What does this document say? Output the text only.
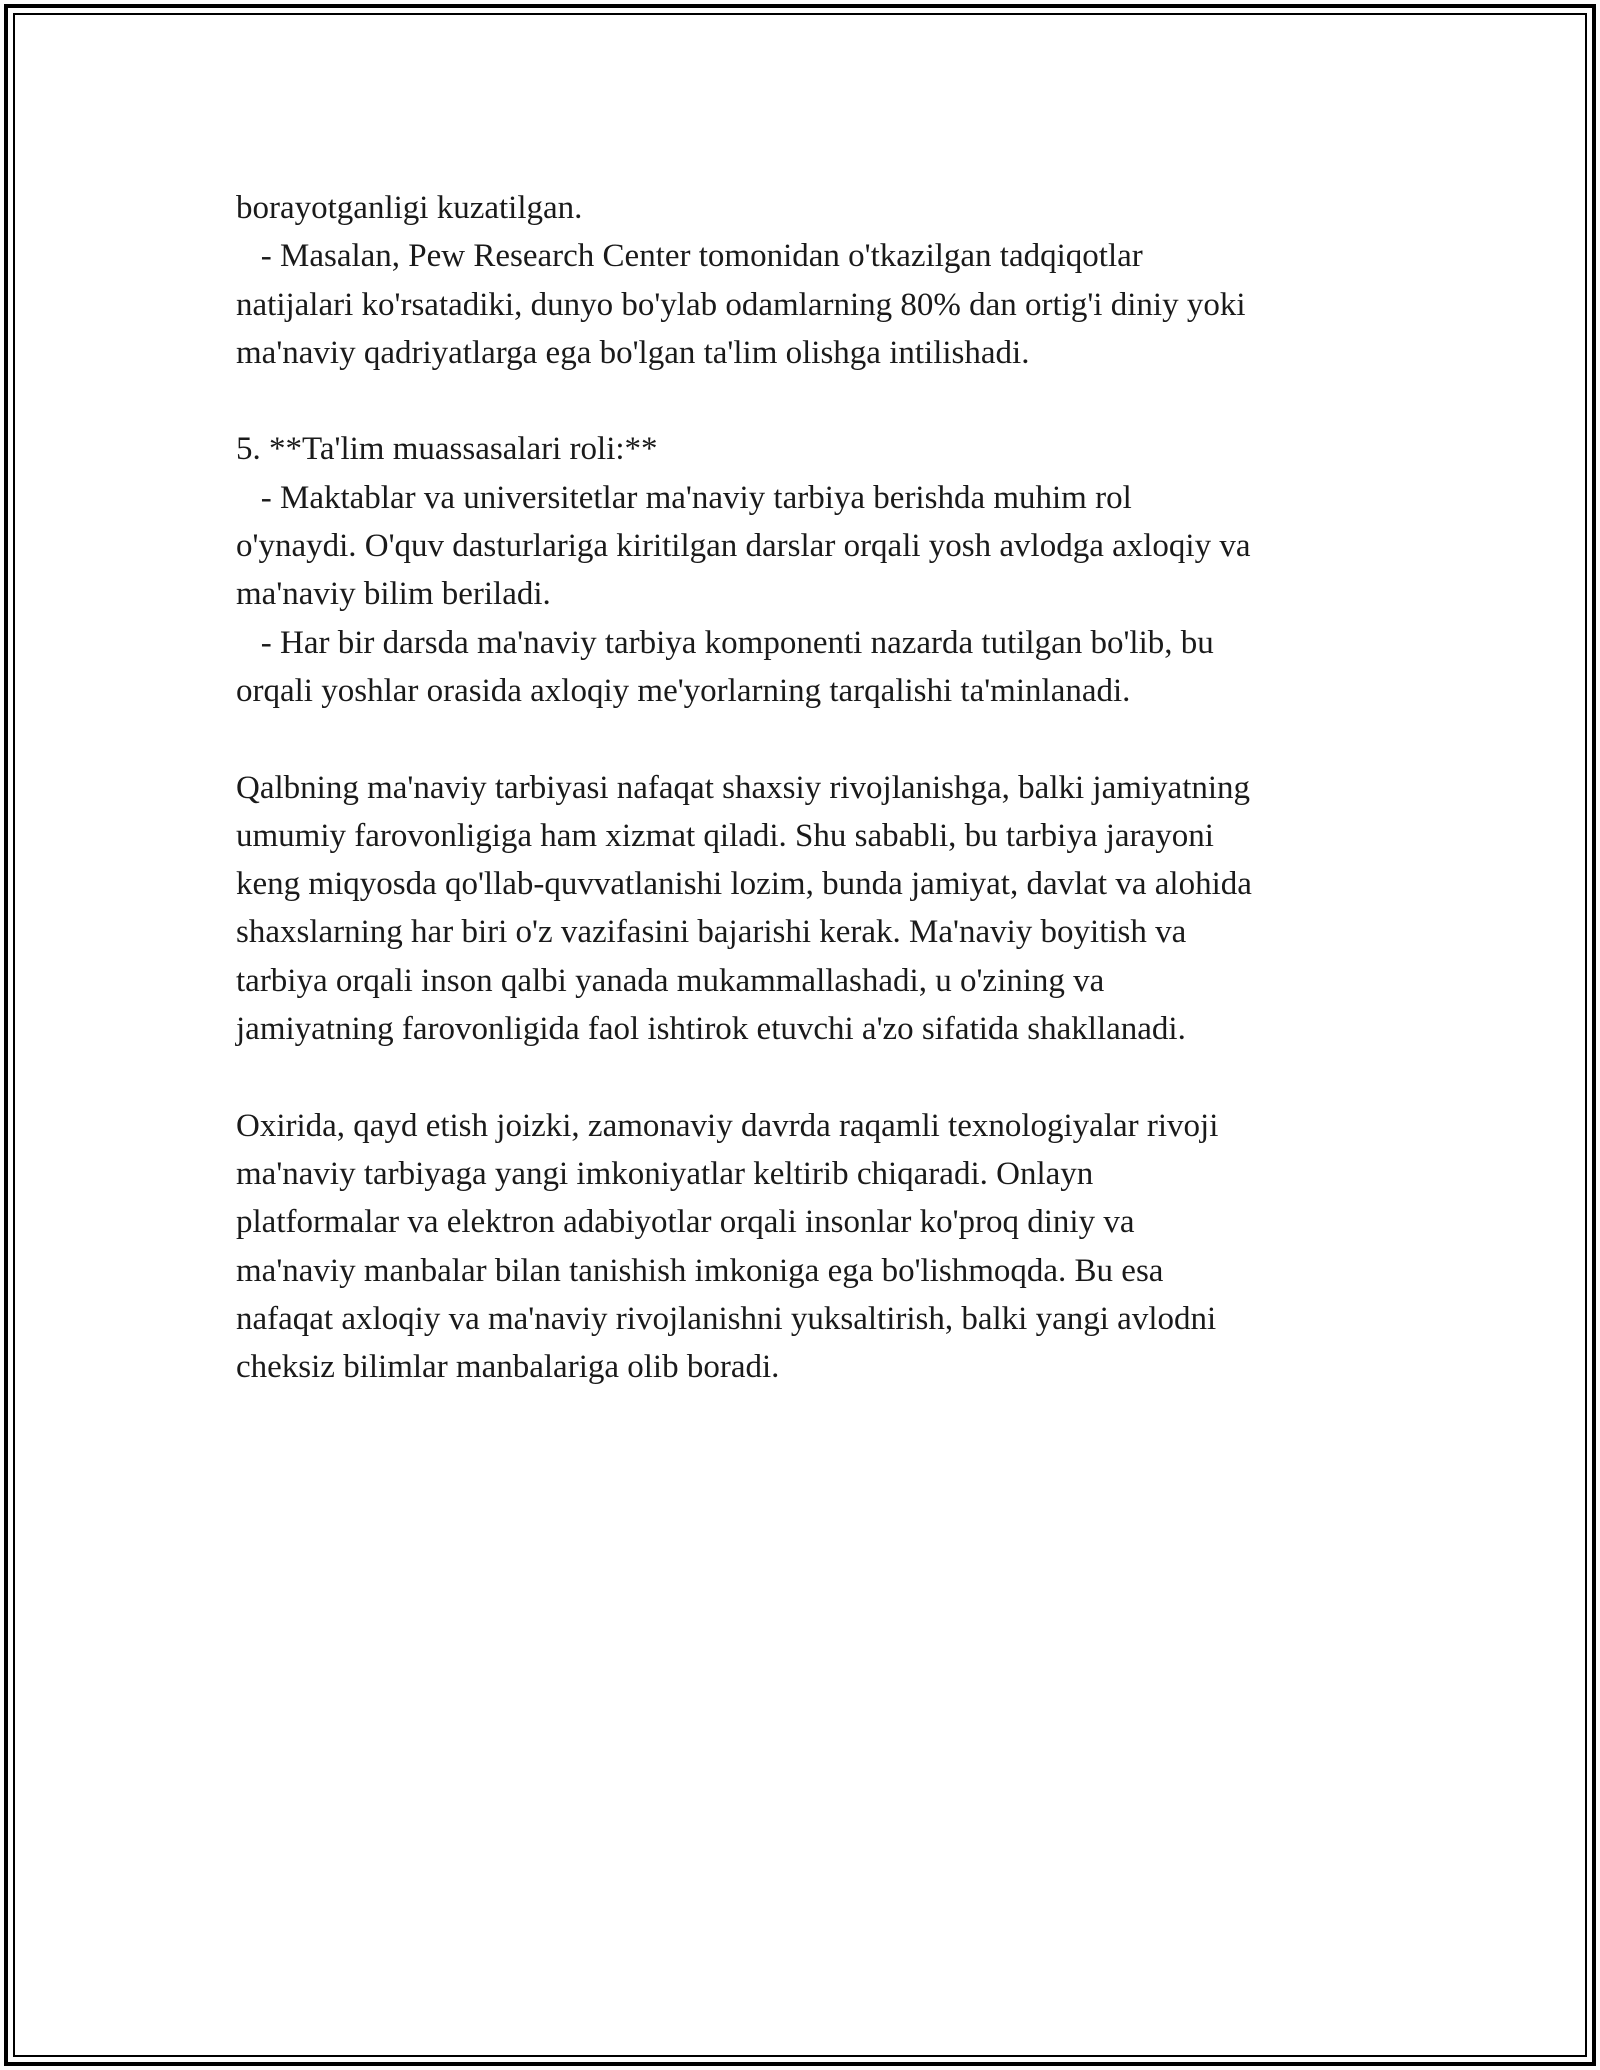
borayotganligi kuzatilgan.
- Masalan, Pew Research Center tomonidan o'tkazilgan tadqiqotlar
natijalari ko'rsatadiki, dunyo bo'ylab odamlarning 80% dan ortig'i diniy yoki
ma'naviy qadriyatlarga ega bo'lgan ta'lim olishga intilishadi.
5. **Ta'lim muassasalari roli:**
- Maktablar va universitetlar ma'naviy tarbiya berishda muhim rol
o'ynaydi. O'quv dasturlariga kiritilgan darslar orqali yosh avlodga axloqiy va
ma'naviy bilim beriladi.
- Har bir darsda ma'naviy tarbiya komponenti nazarda tutilgan bo'lib, bu
orqali yoshlar orasida axloqiy me'yorlarning tarqalishi ta'minlanadi.
Qalbning ma'naviy tarbiyasi nafaqat shaxsiy rivojlanishga, balki jamiyatning
umumiy farovonligiga ham xizmat qiladi. Shu sababli, bu tarbiya jarayoni
keng miqyosda qo'llab-quvvatlanishi lozim, bunda jamiyat, davlat va alohida
shaxslarning har biri o'z vazifasini bajarishi kerak. Ma'naviy boyitish va
tarbiya orqali inson qalbi yanada mukammallashadi, u o'zining va
jamiyatning farovonligida faol ishtirok etuvchi a'zo sifatida shakllanadi.
Oxirida, qayd etish joizki, zamonaviy davrda raqamli texnologiyalar rivoji
ma'naviy tarbiyaga yangi imkoniyatlar keltirib chiqaradi. Onlayn
platformalar va elektron adabiyotlar orqali insonlar ko'proq diniy va
ma'naviy manbalar bilan tanishish imkoniga ega bo'lishmoqda. Bu esa
nafaqat axloqiy va ma'naviy rivojlanishni yuksaltirish, balki yangi avlodni
cheksiz bilimlar manbalariga olib boradi.
